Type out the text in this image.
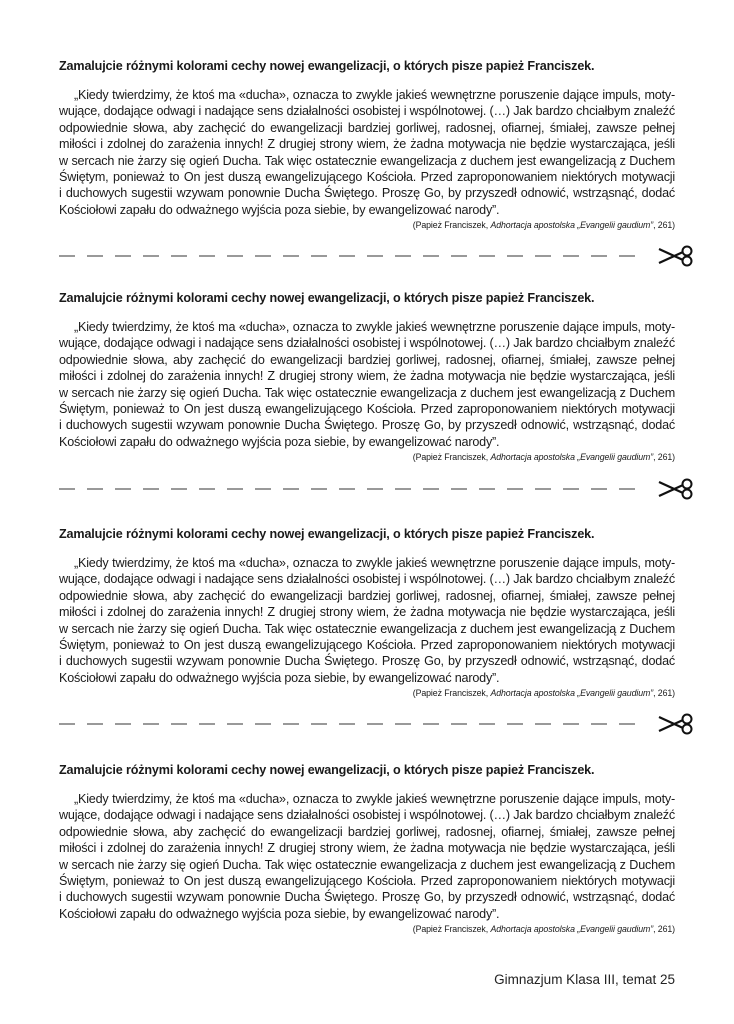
Zamalujcie różnymi kolorami cechy nowej ewangelizacji, o których pisze papież Franciszek.

„Kiedy twierdzimy, że ktoś ma «ducha», oznacza to zwykle jakieś wewnętrzne poruszenie dające impuls, moty-
wujące, dodające odwagi i nadające sens działalności osobistej i wspólnotowej. (…) Jak bardzo chciałbym znaleźć
odpowiednie słowa, aby zachęcić do ewangelizacji bardziej gorliwej, radosnej, ofiarnej, śmiałej, zawsze pełnej
miłości i zdolnej do zarażenia innych! Z drugiej strony wiem, że żadna motywacja nie będzie wystarczająca, jeśli
w sercach nie żarzy się ogień Ducha. Tak więc ostatecznie ewangelizacja z duchem jest ewangelizacją z Duchem
Świętym, ponieważ to On jest duszą ewangelizującego Kościoła. Przed zaproponowaniem niektórych motywacji
i duchowych sugestii wzywam ponownie Ducha Świętego. Proszę Go, by przyszedł odnowić, wstrząsnąć, dodać
Kościołowi zapału do odważnego wyjścia poza siebie, by ewangelizować narody”.
(Papież Franciszek, Adhortacja apostolska „Evangelii gaudium”, 261)

Zamalujcie różnymi kolorami cechy nowej ewangelizacji, o których pisze papież Franciszek.

„Kiedy twierdzimy, że ktoś ma «ducha», oznacza to zwykle jakieś wewnętrzne poruszenie dające impuls, moty-
wujące, dodające odwagi i nadające sens działalności osobistej i wspólnotowej. (…) Jak bardzo chciałbym znaleźć
odpowiednie słowa, aby zachęcić do ewangelizacji bardziej gorliwej, radosnej, ofiarnej, śmiałej, zawsze pełnej
miłości i zdolnej do zarażenia innych! Z drugiej strony wiem, że żadna motywacja nie będzie wystarczająca, jeśli
w sercach nie żarzy się ogień Ducha. Tak więc ostatecznie ewangelizacja z duchem jest ewangelizacją z Duchem
Świętym, ponieważ to On jest duszą ewangelizującego Kościoła. Przed zaproponowaniem niektórych motywacji
i duchowych sugestii wzywam ponownie Ducha Świętego. Proszę Go, by przyszedł odnowić, wstrząsnąć, dodać
Kościołowi zapału do odważnego wyjścia poza siebie, by ewangelizować narody”.
(Papież Franciszek, Adhortacja apostolska „Evangelii gaudium”, 261)

Zamalujcie różnymi kolorami cechy nowej ewangelizacji, o których pisze papież Franciszek.

„Kiedy twierdzimy, że ktoś ma «ducha», oznacza to zwykle jakieś wewnętrzne poruszenie dające impuls, moty-
wujące, dodające odwagi i nadające sens działalności osobistej i wspólnotowej. (…) Jak bardzo chciałbym znaleźć
odpowiednie słowa, aby zachęcić do ewangelizacji bardziej gorliwej, radosnej, ofiarnej, śmiałej, zawsze pełnej
miłości i zdolnej do zarażenia innych! Z drugiej strony wiem, że żadna motywacja nie będzie wystarczająca, jeśli
w sercach nie żarzy się ogień Ducha. Tak więc ostatecznie ewangelizacja z duchem jest ewangelizacją z Duchem
Świętym, ponieważ to On jest duszą ewangelizującego Kościoła. Przed zaproponowaniem niektórych motywacji
i duchowych sugestii wzywam ponownie Ducha Świętego. Proszę Go, by przyszedł odnowić, wstrząsnąć, dodać
Kościołowi zapału do odważnego wyjścia poza siebie, by ewangelizować narody”.
(Papież Franciszek, Adhortacja apostolska „Evangelii gaudium”, 261)

Zamalujcie różnymi kolorami cechy nowej ewangelizacji, o których pisze papież Franciszek.

„Kiedy twierdzimy, że ktoś ma «ducha», oznacza to zwykle jakieś wewnętrzne poruszenie dające impuls, moty-
wujące, dodające odwagi i nadające sens działalności osobistej i wspólnotowej. (…) Jak bardzo chciałbym znaleźć
odpowiednie słowa, aby zachęcić do ewangelizacji bardziej gorliwej, radosnej, ofiarnej, śmiałej, zawsze pełnej
miłości i zdolnej do zarażenia innych! Z drugiej strony wiem, że żadna motywacja nie będzie wystarczająca, jeśli
w sercach nie żarzy się ogień Ducha. Tak więc ostatecznie ewangelizacja z duchem jest ewangelizacją z Duchem
Świętym, ponieważ to On jest duszą ewangelizującego Kościoła. Przed zaproponowaniem niektórych motywacji
i duchowych sugestii wzywam ponownie Ducha Świętego. Proszę Go, by przyszedł odnowić, wstrząsnąć, dodać
Kościołowi zapału do odważnego wyjścia poza siebie, by ewangelizować narody”.
(Papież Franciszek, Adhortacja apostolska „Evangelii gaudium”, 261)
Gimnazjum Klasa III, temat 25
